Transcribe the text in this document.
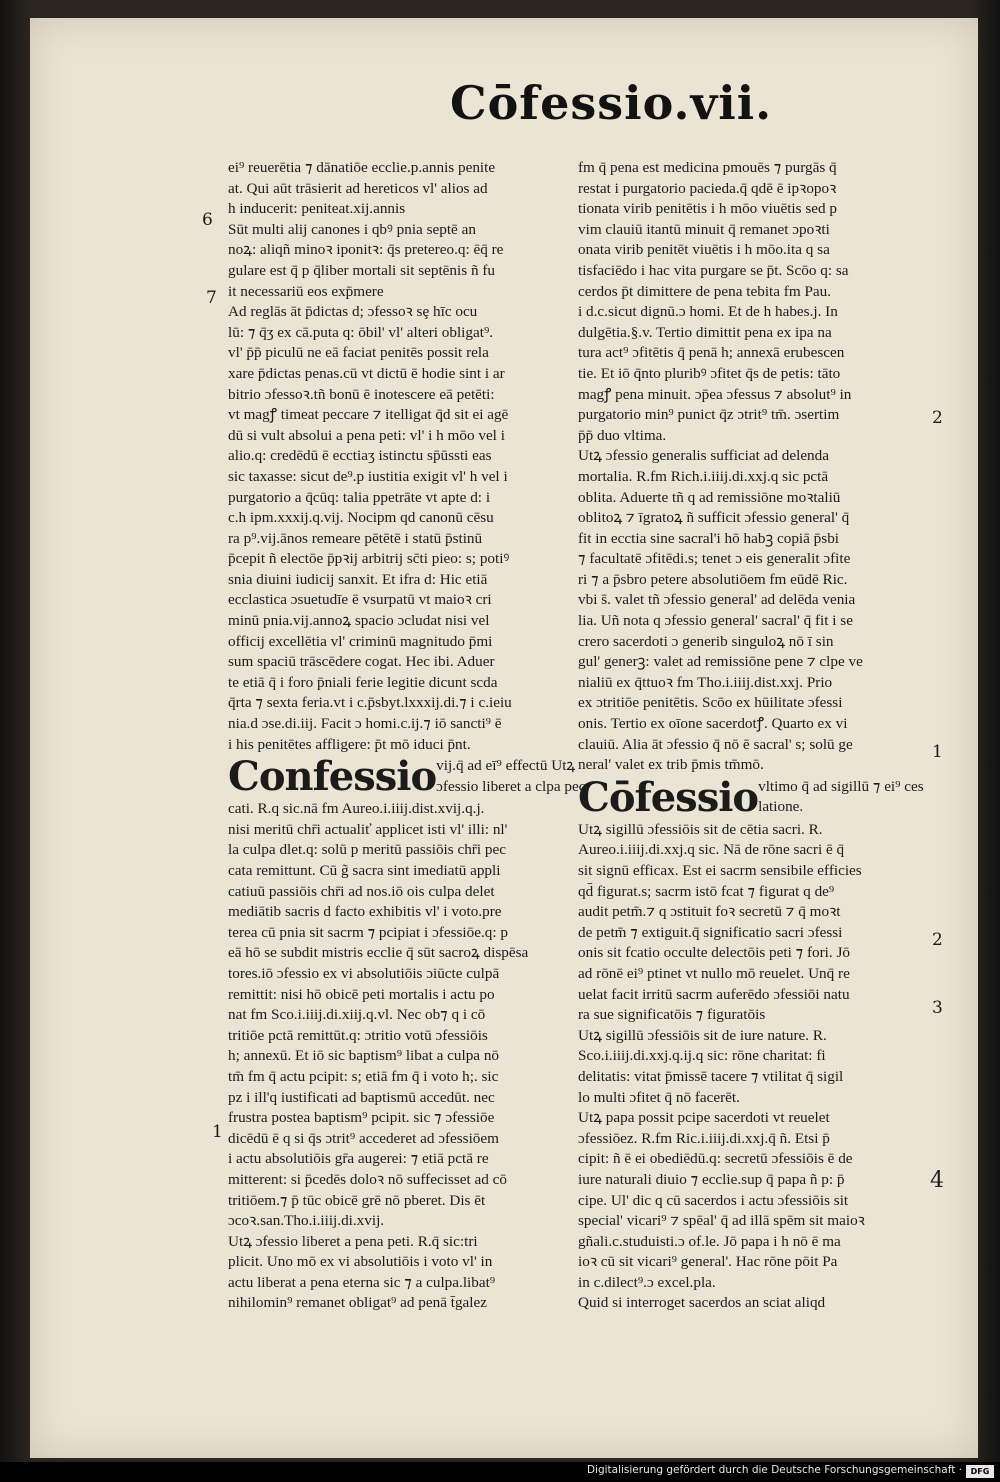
Cōfessio.vii.
ei⁹ reuerētia ⁊ dānatiōe ecclie.p.annis penite
at. Qui aūt trāsierit ad hereticos vl' alios ad
h inducerit: peniteat.xij.annis
Sūt multi alij canones i qbꝰ pnia septē an
noꝝ: aliqñ minoꝛ iponitꝛ: q̄s pretereo.q: ēq̄ re
gulare est q̄ p q̄liber mortali sit septēnis ñ fu
it necessariū eos exp̄mere
Ad reglās āt p̄dictas d; ɔfessoꝛ sȩ hīc ocu
lū: ⁊ q̄ʒ ex cā.puta q: ōbil' vl' alteri obligat⁹.
vl' p̄p̄ piculū ne eā faciat penitēs possit rela
xare p̄dictas penas.cū vt dictū ē hodie sint i ar
bitrio ɔfessoꝛ.tñ bonū ē inotescere eā petēti:
vt magꝭ timeat peccare ⁊ itelligat q̄d sit ei agē
dū si vult absolui a pena peti: vl' i h mōo vel i
alio.q: credēdū ē ecctiaʒ istinctu sp̄ūssti eas
sic taxasse: sicut de⁹.p iustitia exigit vl' h vel i
purgatorio a q̄cūq: talia ppetrāte vt apte d: i
c.h ipm.xxxij.q.vij. Nocipm qd canonū cēsu
ra p⁹.vij.ānos remeare pētētē i statū p̄stinū
p̄cepit ñ electōe p̄pꝛij arbitrij sc̄ti pieo: s; potiꝰ
snia diuini iudicij sanxit. Et ifra d: Hic etiā
ecclastica ɔsuetudīe ē vsurpatū vt maioꝛ cri
minū pnia.vij.annoꝝ spacio ɔcludat nisi vel
officij excellētia vl' criminū magnitudo p̄mi
sum spaciū trāscēdere cogat. Hec ibi. Aduer
te etiā q̄ i foro p̄niali ferie legitie dicunt scda
q̄rta ⁊ sexta feria.vt i c.p̄sbyt.lxxxij.di.⁊ i c.ieiu
nia.d ɔse.di.iij. Facit ɔ homi.c.ij.⁊ iō sancti⁹ ē
i his penitētes affligere: p̄t mō iduci p̄nt.
Confessio vij.q̄ ad eī⁹ effectū Utꝝ
ɔfessio liberet a clpa pec
cati. R.q sic.nā fm Aureo.i.iiij.dist.xvij.q.j.
nisi meritū chr̄i actualiť applicet isti vl' illi: nl'
la culpa dlet.q: solū p meritū passiōis chr̄i pec
cata remittunt. Cū g̃ sacra sint imediatū appli
catiuū passiōis chr̄i ad nos.iō ois culpa delet
mediātib sacris d facto exhibitis vl' i voto.pre
terea cū pnia sit sacrm ⁊ pcipiat i ɔfessiōe.q: p
eā hō se subdit mistris ecclie q̄ sūt sacroꝝ dispēsa
tores.iō ɔfessio ex vi absolutiōis ɔiūcte culpā
remittit: nisi hō obicē peti mortalis i actu po
nat fm Sco.i.iiij.di.xiij.q.vl. Nec ob⁊ q i cō
tritiōe pctā remittūt.q: ɔtritio votū ɔfessiōis
h; annexū. Et iō sic baptism⁹ libat a culpa nō
tm̄ fm q̄ actu pcipit: s; etiā fm q̄ i voto h;. sic
pz i ill'q iustificati ad baptismū accedūt. nec
frustra postea baptism⁹ pcipit. sic ⁊ ɔfessiōe
dicēdū ē q si q̄s ɔtrit⁹ accederet ad ɔfessiōem
i actu absolutiōis gr̄a augerei: ⁊ etiā pctā re
mitterent: si p̄cedēs doloꝛ nō suffecisset ad cō
tritiōem.⁊ p̄ tūc obicē grē nō pberet. Dis ēt
ɔcoꝛ.san.Tho.i.iiij.di.xvij.
Utꝝ ɔfessio liberet a pena peti. R.q̄ sic:tri
plicit. Uno mō ex vi absolutiōis i voto vl' in
actu liberat a pena eterna sic ⁊ a culpa.libat⁹
nihilomin⁹ remanet obligat⁹ ad penā t̄galez
fm q̄ pena est medicina pmouēs ⁊ purgās q̄
restat i purgatorio pacieda.q̄ qdē ē ipꝛopoꝛ
tionata virib penitētis i h mōo viuētis sed p
vim clauiū itantū minuit q̄ remanet ɔpoꝛti
onata virib penitēt viuētis i h mōo.ita q sa
tisfaciēdo i hac vita purgare se p̄t. Scōo q: sa
cerdos p̄t dimittere de pena tebita fm Pau.
i d.c.sicut dignū.ɔ homi. Et de h habes.j. In
dulgētia.§.v. Tertio dimittit pena ex ipa na
tura act⁹ ɔfitētis q̄ penā h; annexā erubescen
tie. Et iō q̄nto pluribꝰ ɔfitet q̄s de petis: tāto
magꝭ pena minuit. ɔp̄ea ɔfessus ⁊ absolut⁹ in
purgatorio min⁹ punict q̄z ɔtrit⁹ tm̄. ɔsertim
p̄p̄ duo vltima.
Utꝝ ɔfessio generalis sufficiat ad delenda
mortalia. R.fm Rich.i.iiij.di.xxj.q sic pctā
oblita. Aduerte tñ q ad remissiōne moꝛtaliū
oblitoꝝ ⁊ īgratoꝝ ñ sufficit ɔfessio general' q̄
fit in ecctia sine sacral'i hō habꝫ copiā p̄sbi
⁊ facultatē ɔfitēdi.s; tenet ɔ eis generalit ɔfite
ri ⁊ a p̄sbro petere absolutiōem fm eūdē Ric.
vbi s̄. valet tñ ɔfessio general' ad delēda venia
lia. Uñ nota q ɔfessio general' sacral' q̄ fit i se
crero sacerdoti ɔ generib singuloꝝ nō ī sin
gul' generꝫ: valet ad remissiōne pene ⁊ clpe ve
nialiū ex q̄ttuoꝛ fm Tho.i.iiij.dist.xxj. Prio
ex ɔtritiōe penitētis. Scōo ex hūilitate ɔfessi
onis. Tertio ex oīone sacerdotꝭ. Quarto ex vi
clauiū. Alia āt ɔfessio q̄ nō ē sacral' s; solū ge
neral' valet ex trib p̄mis tm̄mō.
Cōfessio vltimo q̄ ad sigillū ⁊ ei⁹ ces
latione.
Utꝝ sigillū ɔfessiōis sit de cētia sacri. R.
Aureo.i.iiij.di.xxj.q sic. Nā de rōne sacri ē q̄
sit signū efficax. Est ei sacrm sensibile efficies
qd̄ figurat.s; sacrm istō fcat ⁊ figurat q de⁹
audit petm̄.⁊ q ɔstituit foꝛ secretū ⁊ q̄ moꝛt
de petm̄ ⁊ extiguit.q̄ significatio sacri ɔfessi
onis sit fcatio occulte delectōis peti ⁊ fori. Jō
ad rōnē ei⁹ ptinet vt nullo mō reuelet. Unq̄ re
uelat facit irritū sacrm auferēdo ɔfessiōi natu
ra sue significatōis ⁊ figuratōis
Utꝝ sigillū ɔfessiōis sit de iure nature. R.
Sco.i.iiij.di.xxj.q.ij.q sic: rōne charitat: fi
delitatis: vitat p̄missē tacere ⁊ vtilitat q̄ sigil
lo multi ɔfitet q̄ nō facerēt.
Utꝝ papa possit pcipe sacerdoti vt reuelet
ɔfessiōez. R.fm Ric.i.iiij.di.xxj.q̄ ñ. Etsi p̄
cipit: ñ ē ei obediēdū.q: secretū ɔfessiōis ē de
iure naturali diuio ⁊ ecclie.sup q̄ papa ñ p: p̄
cipe. Ul' dic q cū sacerdos i actu ɔfessiōis sit
special' vicari⁹ ⁊ spēal' q̄ ad illā spēm sit maioꝛ
gñali.c.studuisti.ɔ of.le. Jō papa i h nō ē ma
ioꝛ cū sit vicari⁹ general'. Hac rōne pōit Pa
in c.dilect⁹.ɔ excel.pla.
Quid si interroget sacerdos an sciat aliqd
6
7
1
2
1
2
3
4
Digitalisierung gefördert durch die Deutsche Forschungsgemeinschaft ·	DFG
